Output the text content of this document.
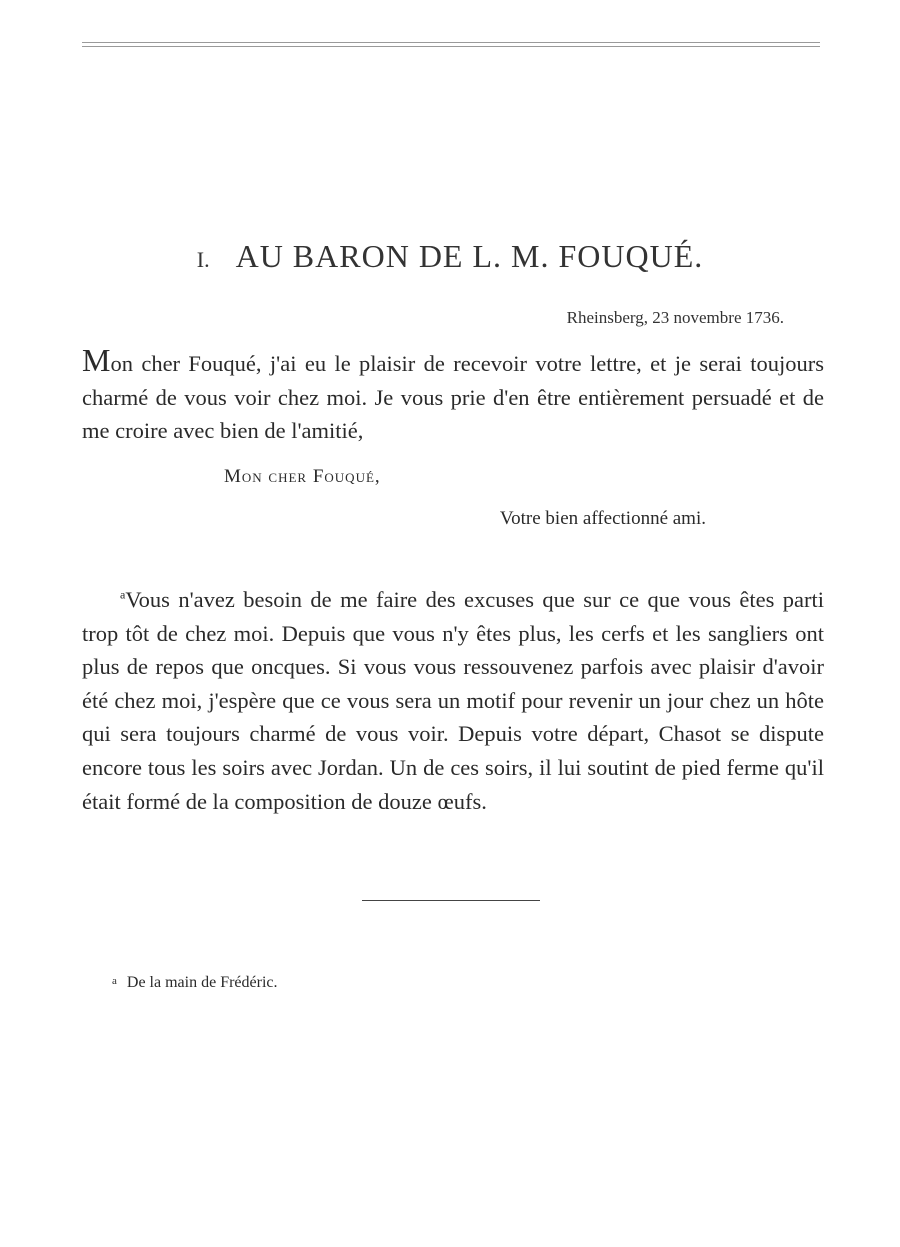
I. AU BARON DE L. M. FOUQUÉ.
Rheinsberg, 23 novembre 1736.

Mon cher Fouqué, j'ai eu le plaisir de recevoir votre lettre, et je serai toujours charmé de vous voir chez moi. Je vous prie d'en être entièrement persuadé et de me croire avec bien de l'amitié,

Mon cher Fouqué,
Votre bien affectionné ami.

$^a$Vous n'avez besoin de me faire des excuses que sur ce que vous êtes parti trop tôt de chez moi. Depuis que vous n'y êtes plus, les cerfs et les sangliers ont plus de repos que oncques. Si vous vous ressouvenez parfois avec plaisir d'avoir été chez moi, j'espère que ce vous sera un motif pour revenir un jour chez un hôte qui sera toujours charmé de vous voir. Depuis votre départ, Chasot se dispute encore tous les soirs avec Jordan. Un de ces soirs, il lui soutint de pied ferme qu'il était formé de la composition de douze œufs.

a De la main de Frédéric.
